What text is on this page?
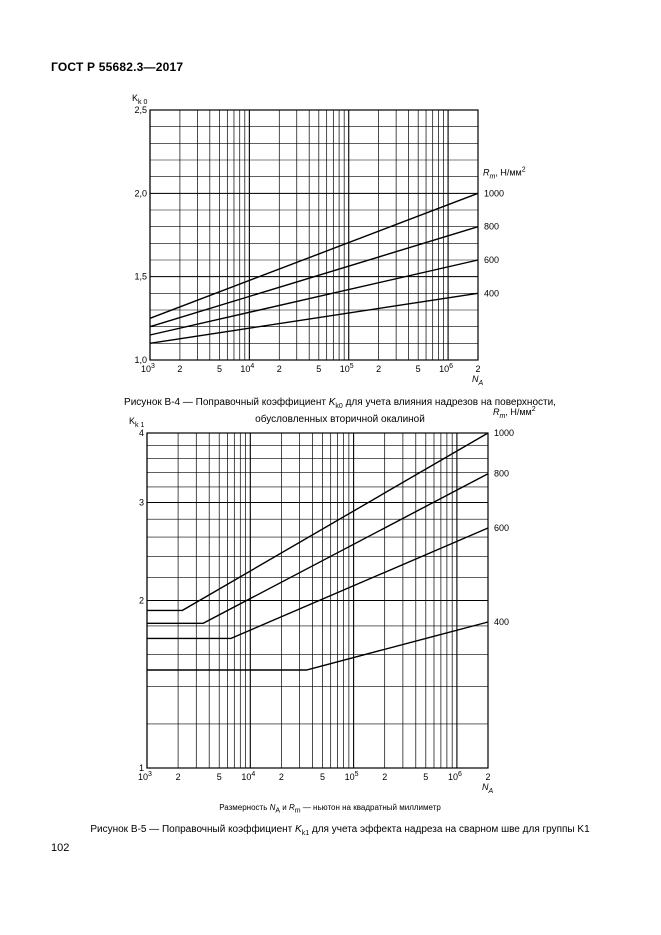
ГОСТ Р 55682.3—2017
1,0
1,5
2,0
2,5
$10^3$ 2	5 $10^4$ 2	5 $10^5$ 2	5 $10^6$ 2
$K_{k 0}$
$N_A$
$R_m$, $Н/мм^2$
1000
800
600
400
1
2
3
4
$10^3$	2	5 $10^4$	2	5 $10^5$	2	5 $10^6$	2
$K_{k 1}$
$N_A$
$R_m$, $Н/мм^2$
1000
800
600
400
Рисунок B-4 — Поправочный коэффициент $K_{k0}$ для учета влияния надрезов на поверхности,
обусловленных вторичной окалиной
Размерность $N_A$ и $R_m$ — ньютон на квадратный миллиметр
Рисунок B-5 — Поправочный коэффициент $K_{k1}$ для учета эффекта надреза на сварном шве для группы K1
102
